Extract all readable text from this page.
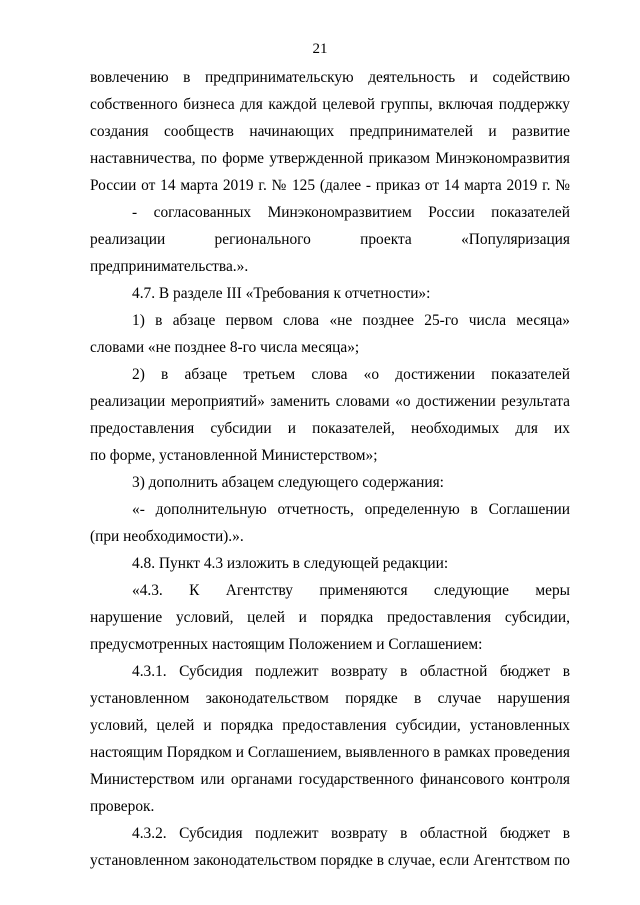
21
вовлечению в предпринимательскую деятельность и содействию
собственного бизнеса для каждой целевой группы, включая поддержку
создания сообществ начинающих предпринимателей и развитие
наставничества, по форме утвержденной приказом Минэкономразвития
России от 14 марта 2019 г. № 125 (далее - приказ от 14 марта 2019 г. №
- согласованных Минэкономразвитием России показателей
реализации регионального проекта «Популяризация
предпринимательства.».
4.7. В разделе III «Требования к отчетности»:
1) в абзаце первом слова «не позднее 25-го числа месяца»
словами «не позднее 8-го числа месяца»;
2) в абзаце третьем слова «о достижении показателей
реализации мероприятий» заменить словами «о достижении результата
предоставления субсидии и показателей, необходимых для их
по форме, установленной Министерством»;
3) дополнить абзацем следующего содержания:
«- дополнительную отчетность, определенную в Соглашении
(при необходимости).».
4.8. Пункт 4.3 изложить в следующей редакции:
«4.3. К Агентству применяются следующие меры
нарушение условий, целей и порядка предоставления субсидии,
предусмотренных настоящим Положением и Соглашением:
4.3.1. Субсидия подлежит возврату в областной бюджет в
установленном законодательством порядке в случае нарушения
условий, целей и порядка предоставления субсидии, установленных
настоящим Порядком и Соглашением, выявленного в рамках проведения
Министерством или органами государственного финансового контроля
проверок.
4.3.2. Субсидия подлежит возврату в областной бюджет в
установленном законодательством порядке в случае, если Агентством по
